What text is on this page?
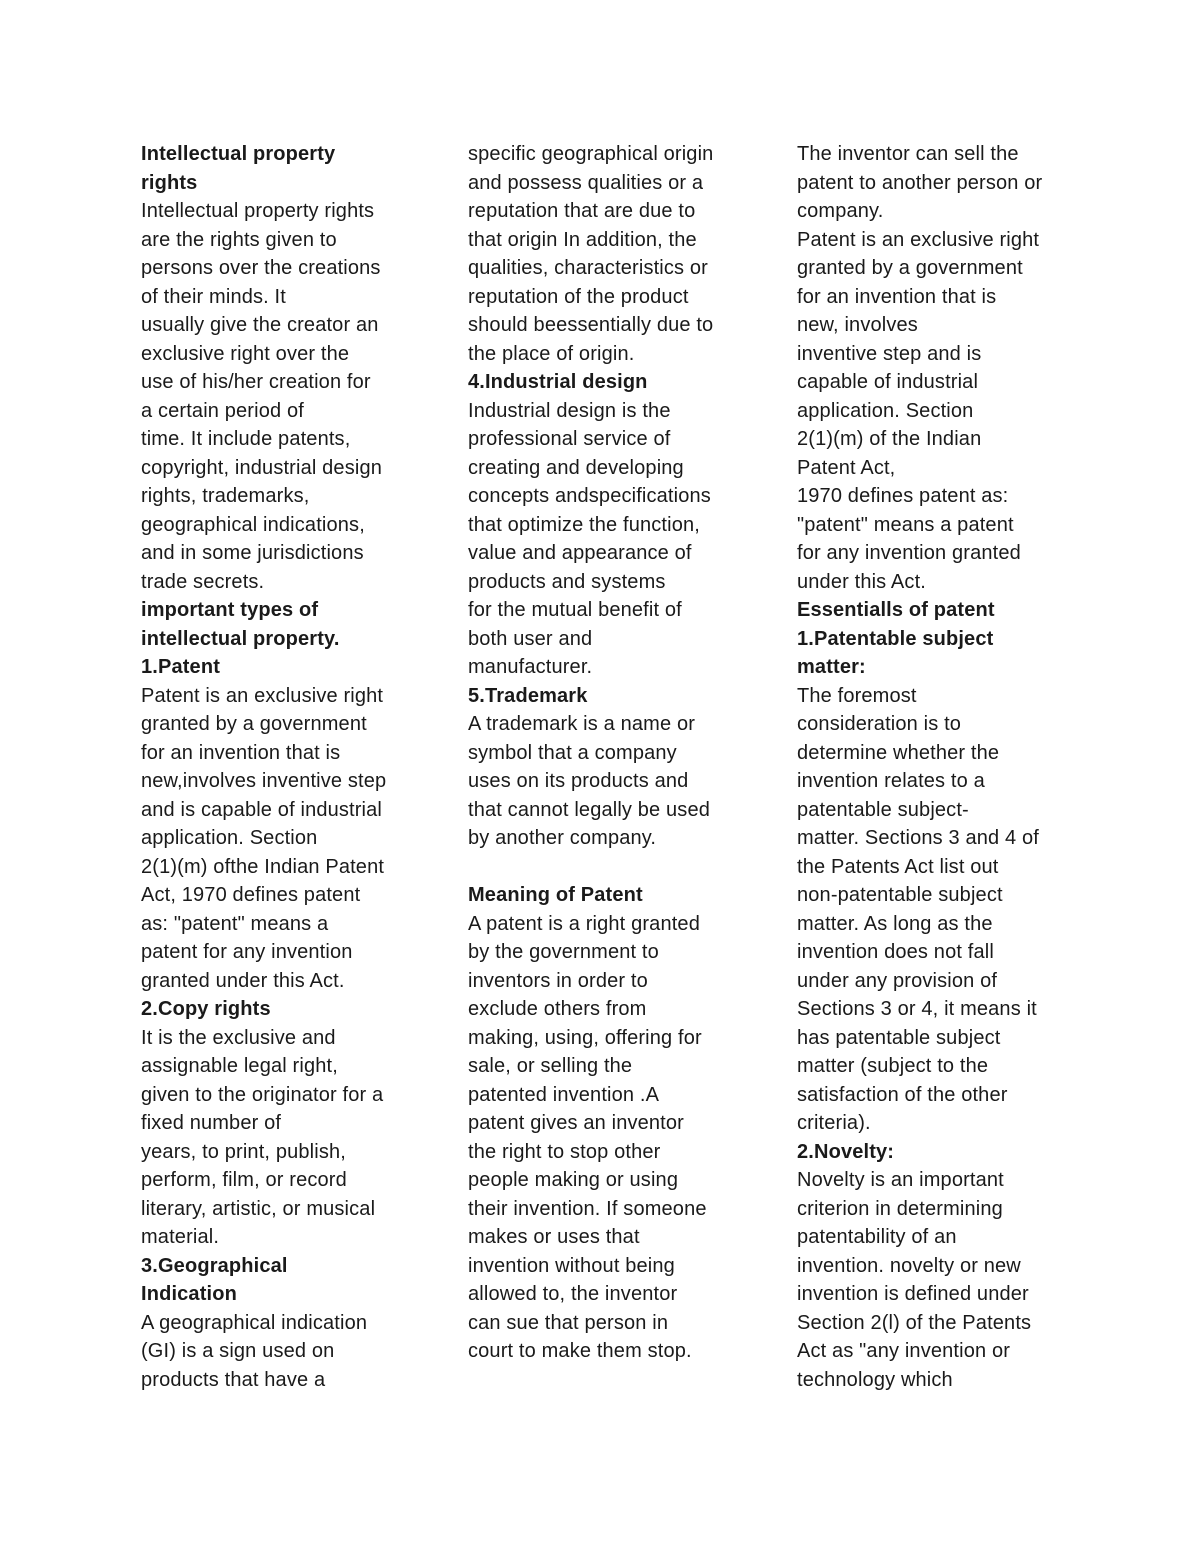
Intellectual property
rights
Intellectual property rights
are the rights given to
persons over the creations
of their minds. It
usually give the creator an
exclusive right over the
use of his/her creation for
a certain period of
time. It include patents,
copyright, industrial design
rights, trademarks,
geographical indications,
and in some jurisdictions
trade secrets.
important types of
intellectual property.
1.Patent
Patent is an exclusive right
granted by a government
for an invention that is
new,involves inventive step
and is capable of industrial
application. Section
2(1)(m) ofthe Indian Patent
Act, 1970 defines patent
as: "patent" means a
patent for any invention
granted under this Act.
2.Copy rights
It is the exclusive and
assignable legal right,
given to the originator for a
fixed number of
years, to print, publish,
perform, film, or record
literary, artistic, or musical
material.
3.Geographical
Indication
A geographical indication
(GI) is a sign used on
products that have a
specific geographical origin
and possess qualities or a
reputation that are due to
that origin In addition, the
qualities, characteristics or
reputation of the product
should beessentially due to
the place of origin.
4.Industrial design
Industrial design is the
professional service of
creating and developing
concepts andspecifications
that optimize the function,
value and appearance of
products and systems
for the mutual benefit of
both user and
manufacturer.
5.Trademark
A trademark is a name or
symbol that a company
uses on its products and
that cannot legally be used
by another company.
Meaning of Patent
A patent is a right granted
by the government to
inventors in order to
exclude others from
making, using, offering for
sale, or selling the
patented invention .A
patent gives an inventor
the right to stop other
people making or using
their invention. If someone
makes or uses that
invention without being
allowed to, the inventor
can sue that person in
court to make them stop.
The inventor can sell the
patent to another person or
company.
Patent is an exclusive right
granted by a government
for an invention that is
new, involves
inventive step and is
capable of industrial
application. Section
2(1)(m) of the Indian
Patent Act,
1970 defines patent as:
"patent" means a patent
for any invention granted
under this Act.
Essentialls of patent
1.Patentable subject
matter:
The foremost
consideration is to
determine whether the
invention relates to a
patentable subject-
matter. Sections 3 and 4 of
the Patents Act list out
non-patentable subject
matter. As long as the
invention does not fall
under any provision of
Sections 3 or 4, it means it
has patentable subject
matter (subject to the
satisfaction of the other
criteria).
2.Novelty:
Novelty is an important
criterion in determining
patentability of an
invention. novelty or new
invention is defined under
Section 2(l) of the Patents
Act as "any invention or
technology which
